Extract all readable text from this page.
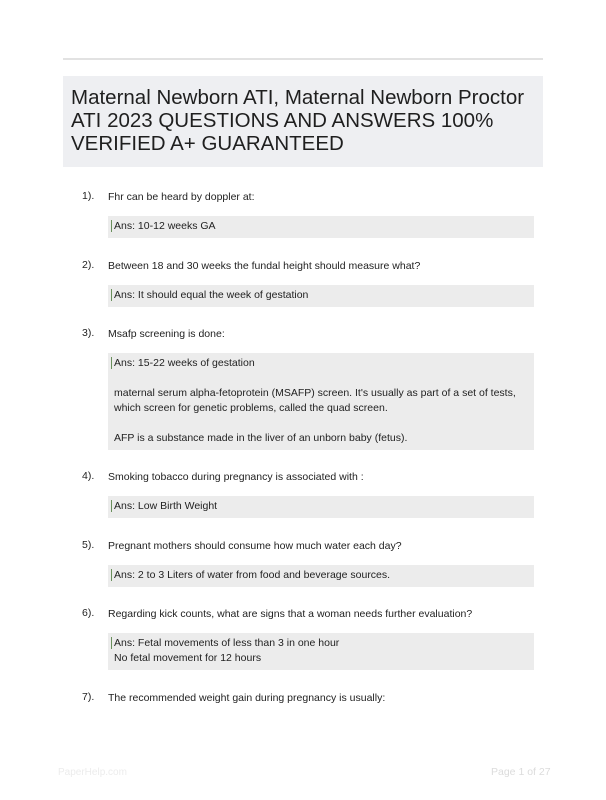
Maternal Newborn ATI, Maternal Newborn Proctor ATI 2023 QUESTIONS AND ANSWERS 100% VERIFIED A+ GUARANTEED
1). Fhr can be heard by doppler at:

Ans: 10-12 weeks GA

2). Between 18 and 30 weeks the fundal height should measure what?

Ans: It should equal the week of gestation

3). Msafp screening is done:

Ans: 15-22 weeks of gestation

maternal serum alpha-fetoprotein (MSAFP) screen. It's usually as part of a set of tests, which screen for genetic problems, called the quad screen.

AFP is a substance made in the liver of an unborn baby (fetus).

4). Smoking tobacco during pregnancy is associated with :

Ans: Low Birth Weight

5). Pregnant mothers should consume how much water each day?

Ans: 2 to 3 Liters of water from food and beverage sources.

6). Regarding kick counts, what are signs that a woman needs further evaluation?

Ans: Fetal movements of less than 3 in one hour

No fetal movement for 12 hours

7). The recommended weight gain during pregnancy is usually:
PaperHelp.com	Page 1 of 27
